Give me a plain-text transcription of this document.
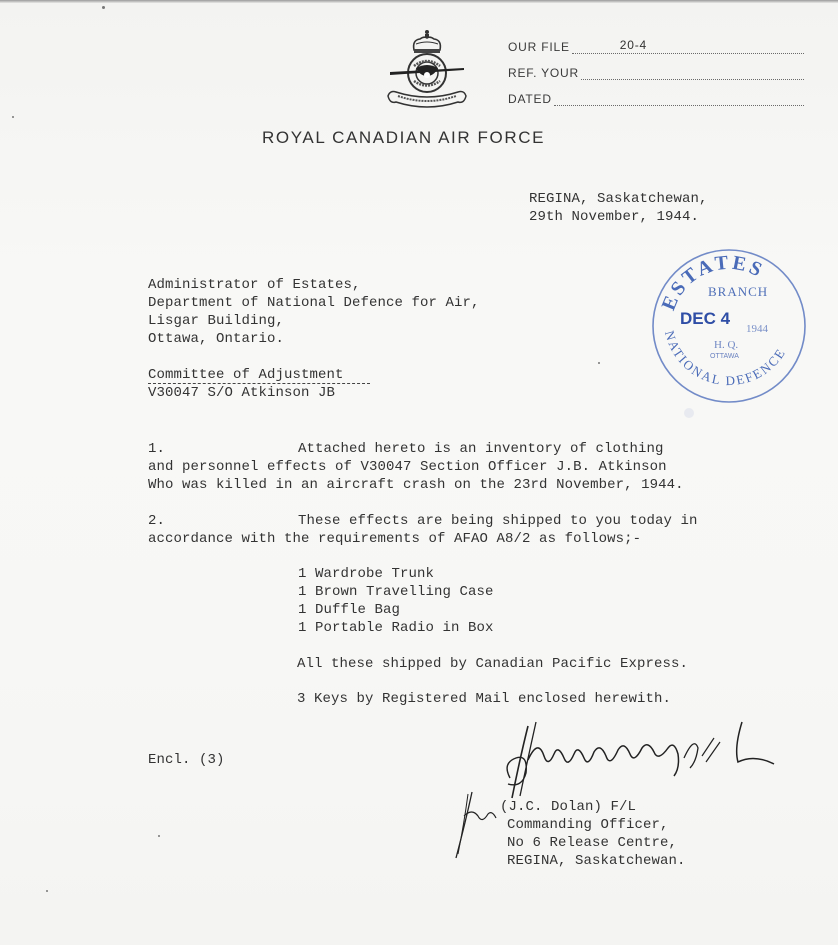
OUR FILE	20-4
REF. YOUR
DATED
ROYAL CANADIAN AIR FORCE
REGINA, Saskatchewan,
29th November, 1944.
ESTATES
BRANCH
DEC 4
1944
H. Q.
OTTAWA
NATIONAL DEFENCE
Administrator of Estates,
Department of National Defence for Air,
Lisgar Building,
Ottawa, Ontario.
Committee of Adjustment
V30047 S/O Atkinson JB
1.	Attached hereto is an inventory of clothing
and personnel effects of V30047 Section Officer J.B. Atkinson
Who was killed in an aircraft crash on the 23rd November, 1944.
2.	These effects are being shipped to you today in
accordance with the requirements of AFAO A8/2 as follows;-
1 Wardrobe Trunk
1 Brown Travelling Case
1 Duffle Bag
1 Portable Radio in Box
All these shipped by Canadian Pacific Express.
3 Keys by Registered Mail enclosed herewith.
Encl. (3)
(J.C. Dolan) F/L
Commanding Officer,
No 6 Release Centre,
REGINA, Saskatchewan.
